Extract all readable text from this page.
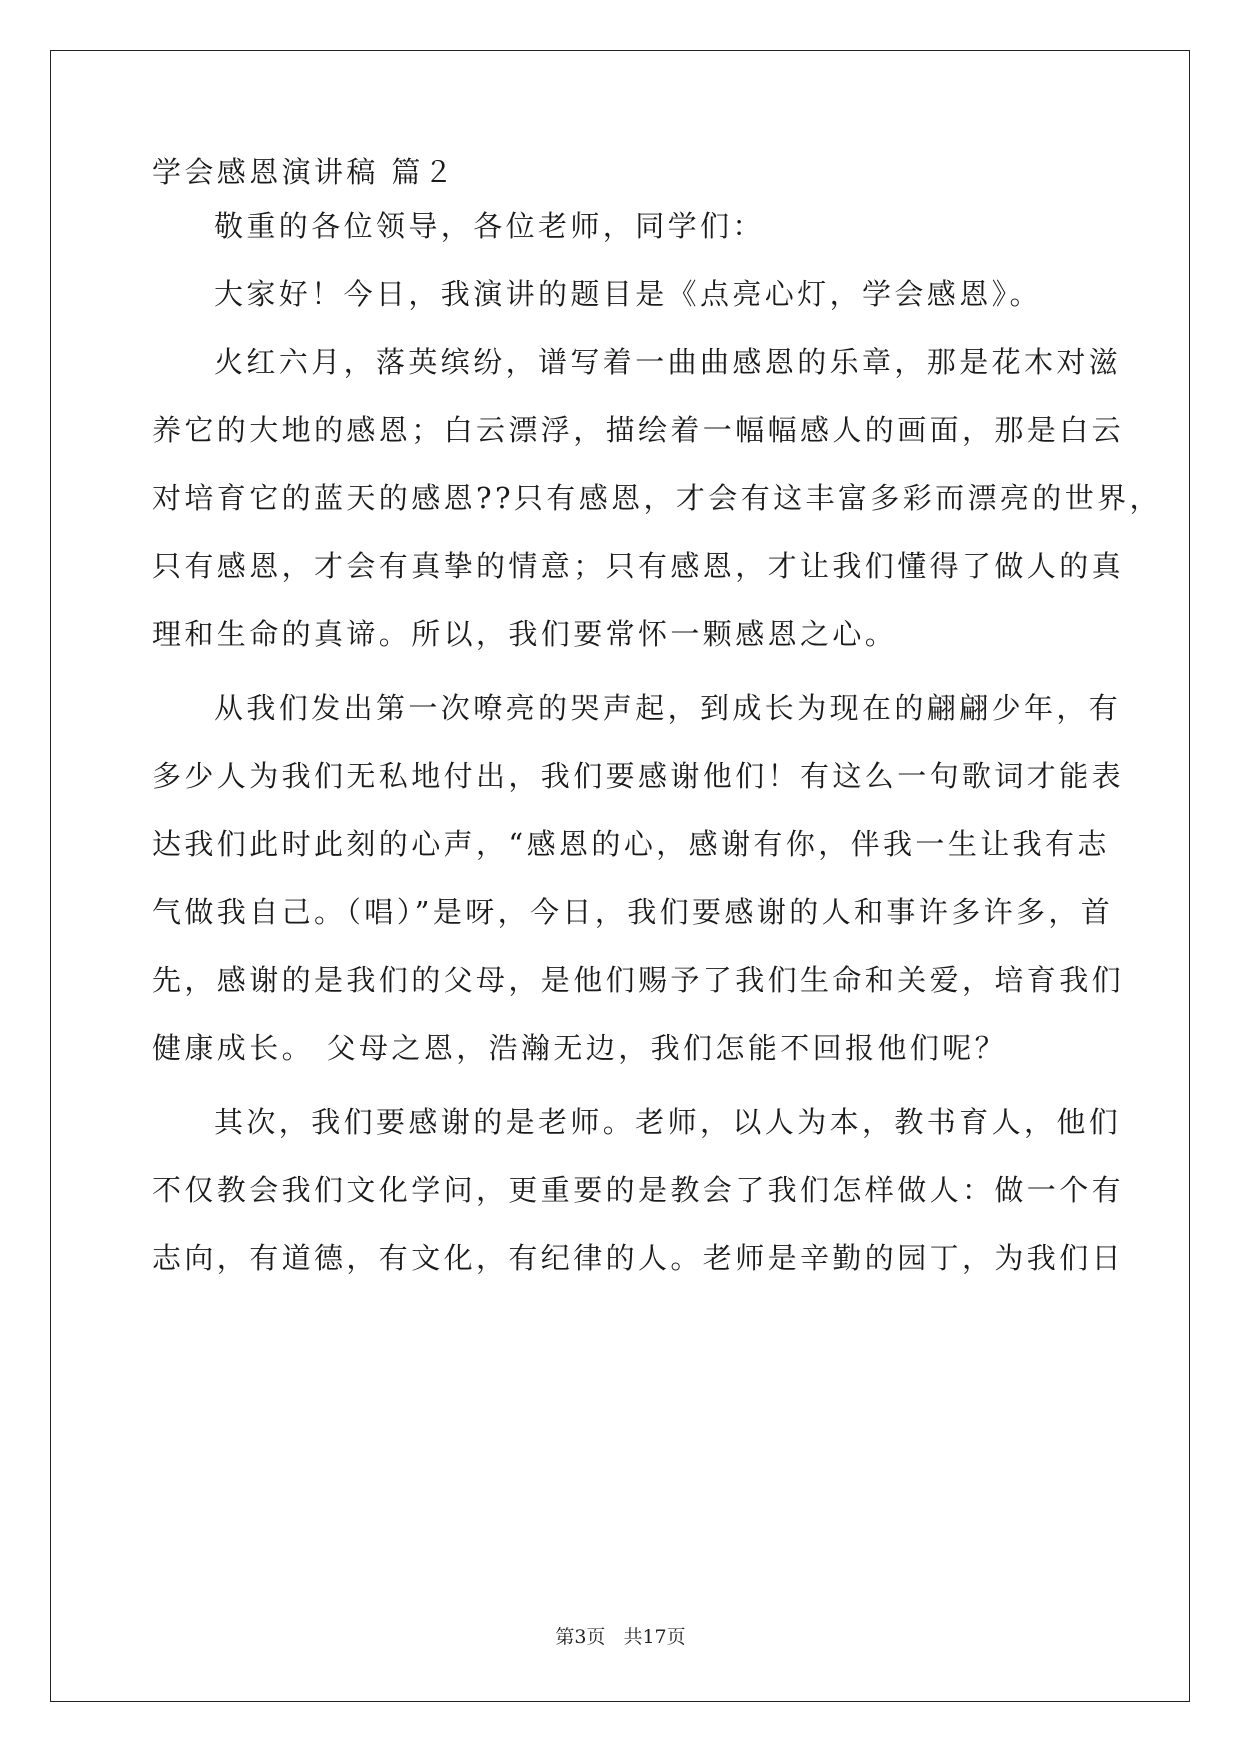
学会感恩演讲稿 篇２
敬重的各位领导，各位老师，同学们：
大家好！今日，我演讲的题目是《点亮心灯，学会感恩》。
火红六月，落英缤纷，谱写着一曲曲感恩的乐章，那是花木对滋
养它的大地的感恩；白云漂浮，描绘着一幅幅感人的画面，那是白云
对培育它的蓝天的感恩??只有感恩，才会有这丰富多彩而漂亮的世界，
只有感恩，才会有真挚的情意；只有感恩，才让我们懂得了做人的真
理和生命的真谛。所以，我们要常怀一颗感恩之心。
从我们发出第一次嘹亮的哭声起，到成长为现在的翩翩少年，有
多少人为我们无私地付出，我们要感谢他们！有这么一句歌词才能表
达我们此时此刻的心声，“感恩的心，感谢有你，伴我一生让我有志
气做我自己。（唱）”是呀，今日，我们要感谢的人和事许多许多，首
先，感谢的是我们的父母，是他们赐予了我们生命和关爱，培育我们
健康成长。 父母之恩，浩瀚无边，我们怎能不回报他们呢？
其次，我们要感谢的是老师。老师，以人为本，教书育人，他们
不仅教会我们文化学问，更重要的是教会了我们怎样做人：做一个有
志向，有道德，有文化，有纪律的人。老师是辛勤的园丁，为我们日
第3页 共17页
